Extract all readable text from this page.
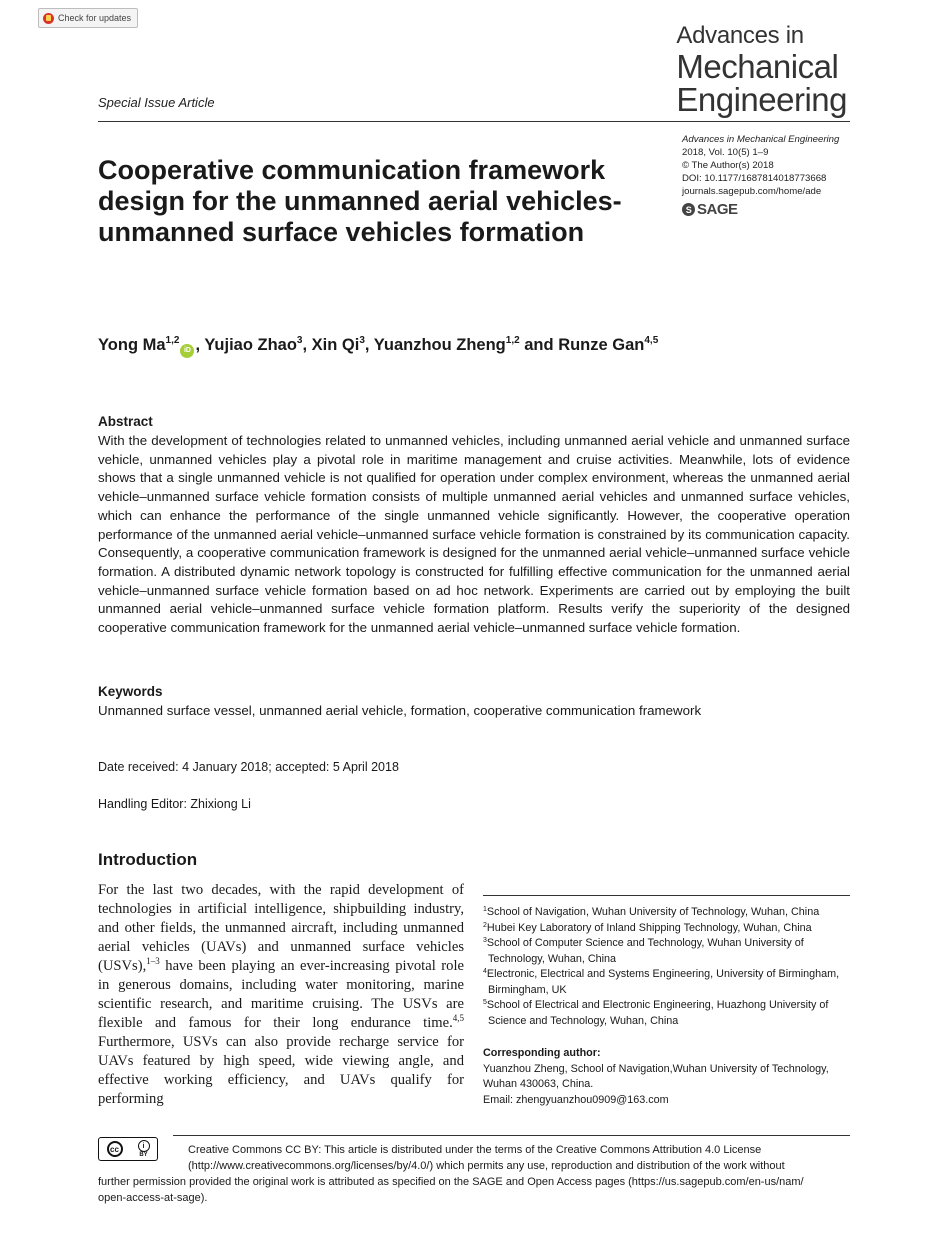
Check for updates
Advances in
Mechanical
Engineering
Special Issue Article
Advances in Mechanical Engineering
2018, Vol. 10(5) 1–9
© The Author(s) 2018
DOI: 10.1177/1687814018773668
journals.sagepub.com/home/ade
S SAGE
Cooperative communication framework design for the unmanned aerial vehicles-unmanned surface vehicles formation
Yong Ma$^{1,2}$iD , Yujiao Zhao$^3$, Xin Qi$^3$, Yuanzhou Zheng$^{1,2}$ and Runze Gan$^{4,5}$
Abstract
With the development of technologies related to unmanned vehicles, including unmanned aerial vehicle and unmanned surface vehicle, unmanned vehicles play a pivotal role in maritime management and cruise activities. Meanwhile, lots of evidence shows that a single unmanned vehicle is not qualified for operation under complex environment, whereas the unmanned aerial vehicle–unmanned surface vehicle formation consists of multiple unmanned aerial vehicles and unmanned surface vehicles, which can enhance the performance of the single unmanned vehicle significantly. However, the cooperative operation performance of the unmanned aerial vehicle–unmanned surface vehicle formation is constrained by its communication capacity. Consequently, a cooperative communication framework is designed for the unmanned aerial vehicle–unmanned surface vehicle formation. A distributed dynamic network topology is constructed for fulfilling effective communication for the unmanned aerial vehicle–unmanned surface vehicle formation based on ad hoc network. Experiments are carried out by employing the built unmanned aerial vehicle–unmanned surface vehicle formation platform. Results verify the superiority of the designed cooperative communication framework for the unmanned aerial vehicle–unmanned surface vehicle formation.
Keywords
Unmanned surface vessel, unmanned aerial vehicle, formation, cooperative communication framework
Date received: 4 January 2018; accepted: 5 April 2018
Handling Editor: Zhixiong Li
Introduction
For the last two decades, with the rapid development of technologies in artificial intelligence, shipbuilding industry, and other fields, the unmanned aircraft, including unmanned aerial vehicles (UAVs) and unmanned surface vehicles (USVs),$^{1-3}$ have been playing an ever-increasing pivotal role in generous domains, including water monitoring, marine scientific research, and maritime cruising. The USVs are flexible and famous for their long endurance time.$^{4,5}$ Furthermore, USVs can also provide recharge service for UAVs featured by high speed, wide viewing angle, and effective working efficiency, and UAVs qualify for performing
$^1$School of Navigation, Wuhan University of Technology, Wuhan, China
$^2$Hubei Key Laboratory of Inland Shipping Technology, Wuhan, China
$^3$School of Computer Science and Technology, Wuhan University of Technology, Wuhan, China
$^4$Electronic, Electrical and Systems Engineering, University of Birmingham, Birmingham, UK
$^5$School of Electrical and Electronic Engineering, Huazhong University of Science and Technology, Wuhan, China
Corresponding author:
Yuanzhou Zheng, School of Navigation,Wuhan University of Technology, Wuhan 430063, China.
Email: zhengyuanzhou0909@163.com
Creative Commons CC BY: This article is distributed under the terms of the Creative Commons Attribution 4.0 License
(http://www.creativecommons.org/licenses/by/4.0/) which permits any use, reproduction and distribution of the work without
further permission provided the original work is attributed as specified on the SAGE and Open Access pages (https://us.sagepub.com/en-us/nam/
open-access-at-sage).
cc	i
BY
